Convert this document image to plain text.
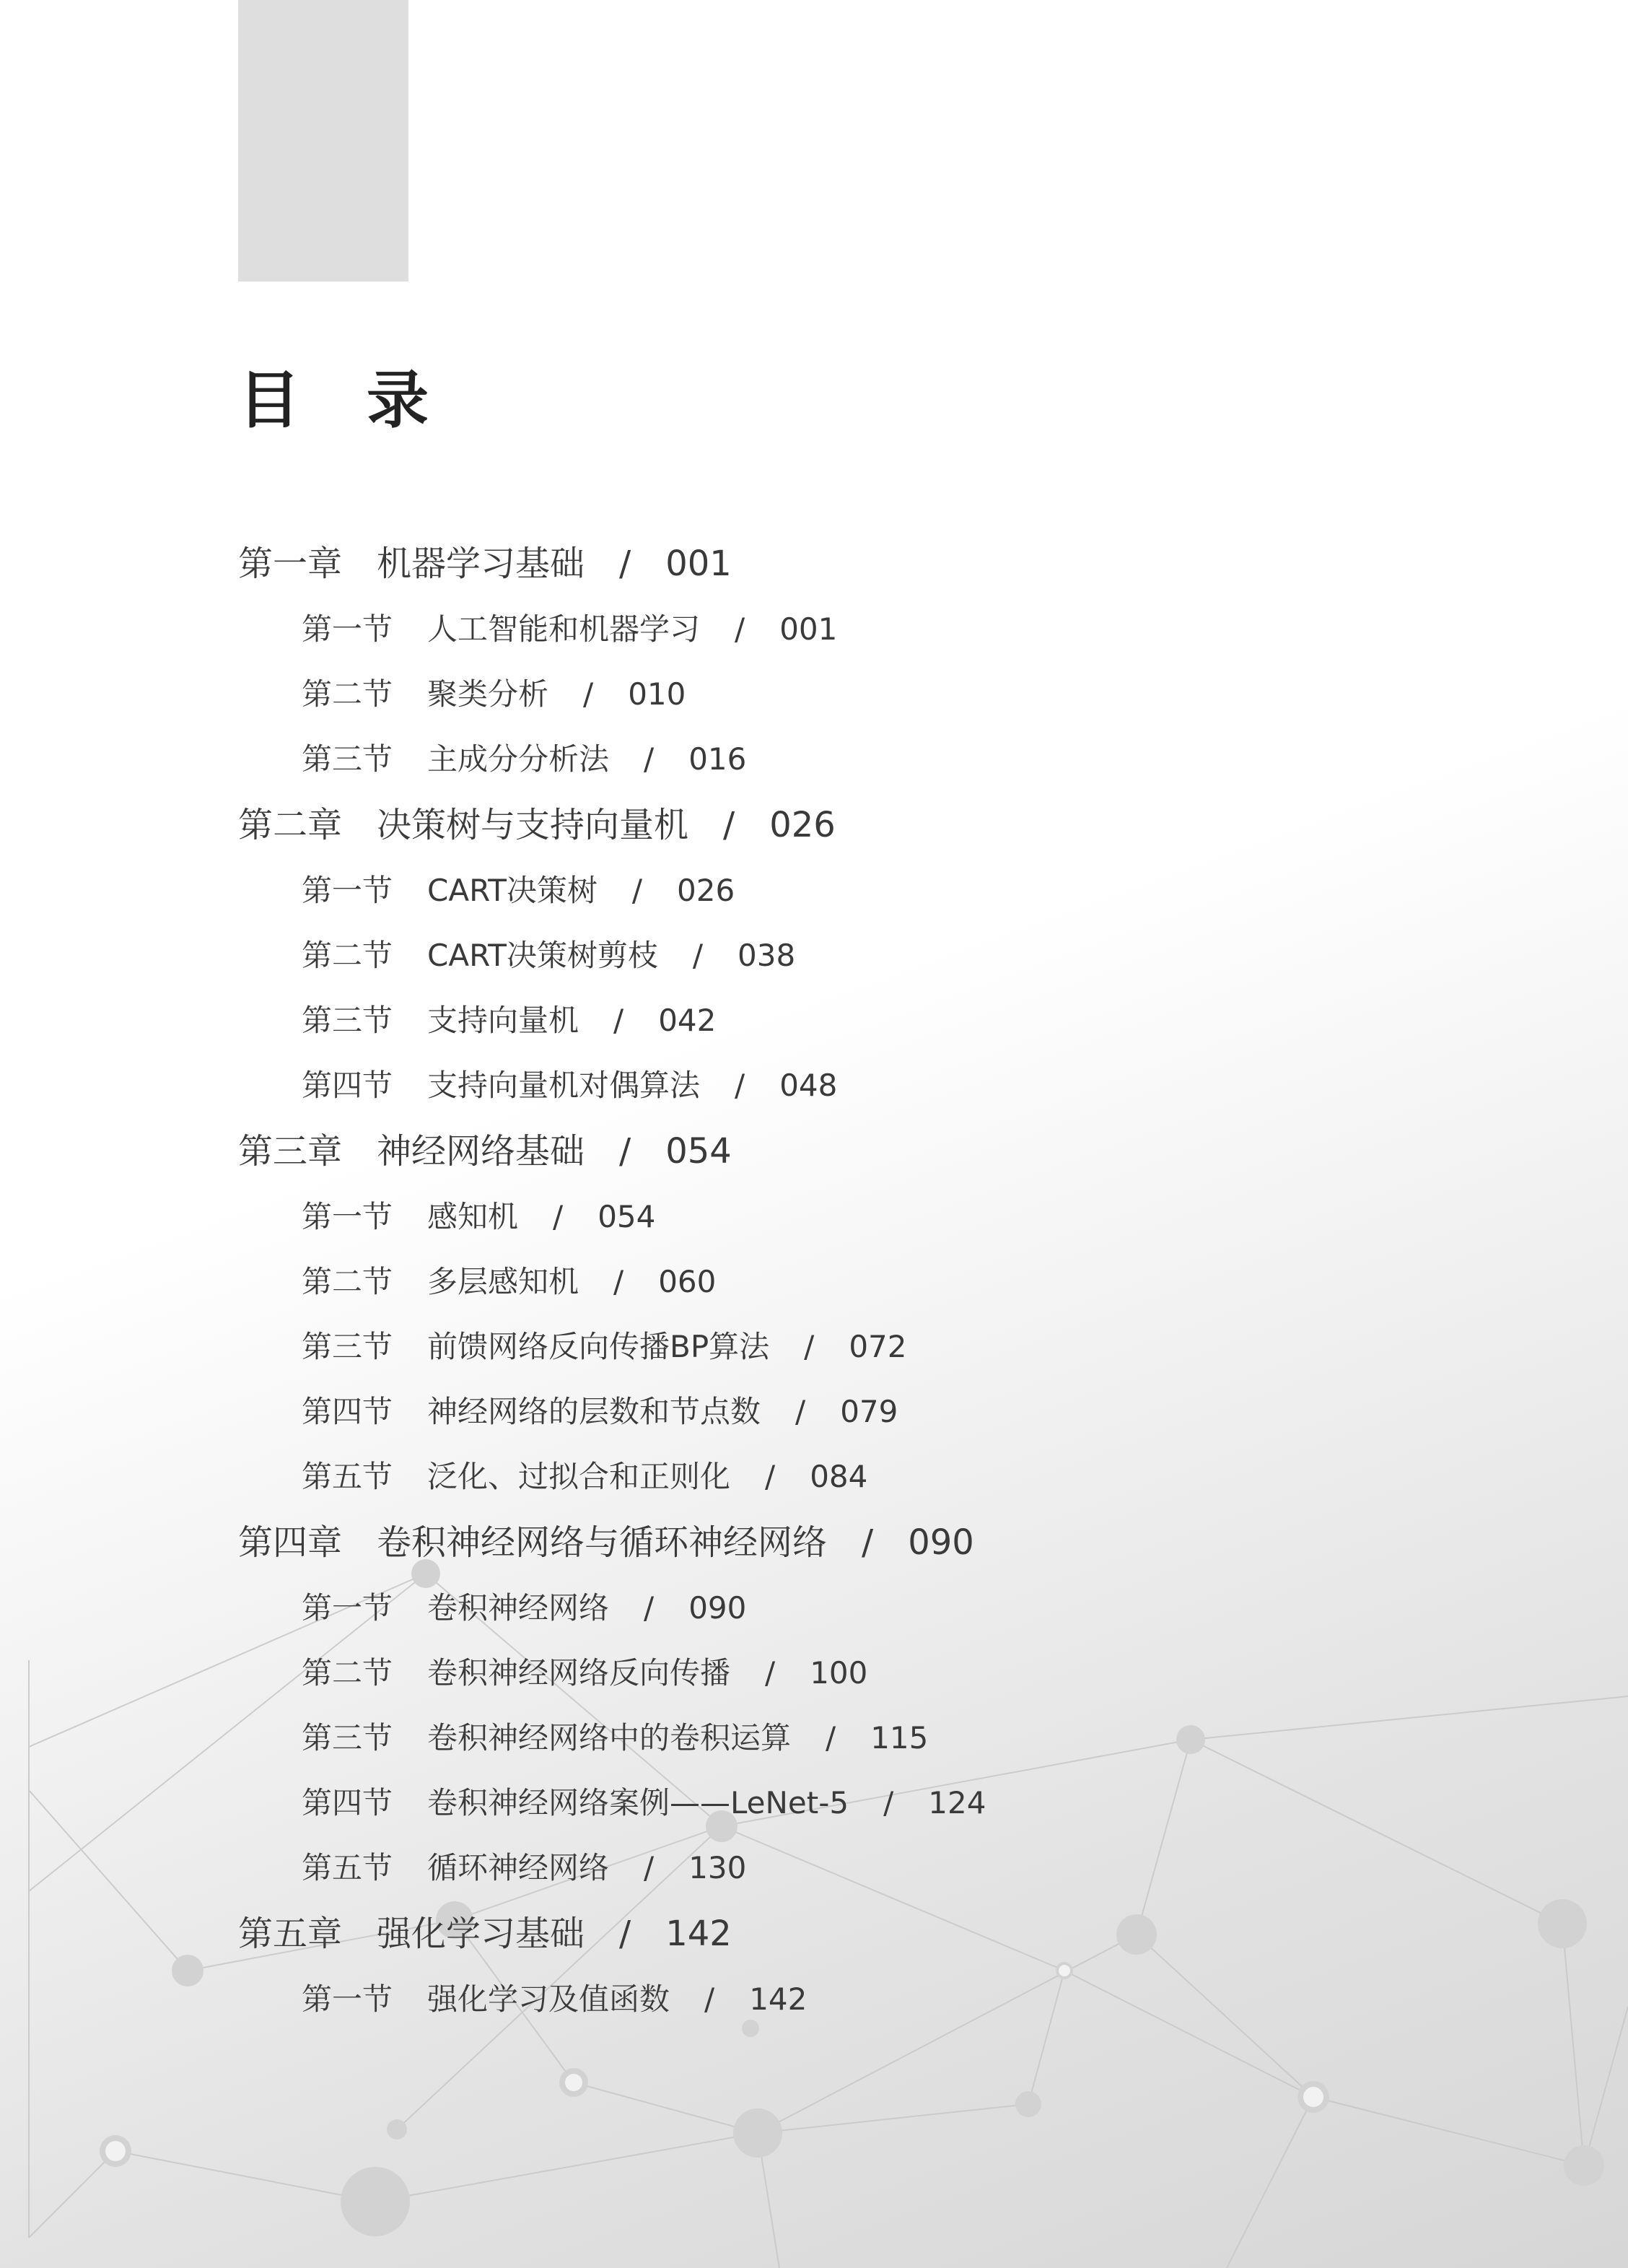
目 录
第一章 机器学习基础 / 001
第一节 人工智能和机器学习 / 001
第二节 聚类分析 / 010
第三节 主成分分析法 / 016
第二章 决策树与支持向量机 / 026
第一节 CART决策树 / 026
第二节 CART决策树剪枝 / 038
第三节 支持向量机 / 042
第四节 支持向量机对偶算法 / 048
第三章 神经网络基础 / 054
第一节 感知机 / 054
第二节 多层感知机 / 060
第三节 前馈网络反向传播BP算法 / 072
第四节 神经网络的层数和节点数 / 079
第五节 泛化、过拟合和正则化 / 084
第四章 卷积神经网络与循环神经网络 / 090
第一节 卷积神经网络 / 090
第二节 卷积神经网络反向传播 / 100
第三节 卷积神经网络中的卷积运算 / 115
第四节 卷积神经网络案例——LeNet-5 / 124
第五节 循环神经网络 / 130
第五章 强化学习基础 / 142
第一节 强化学习及值函数 / 142
